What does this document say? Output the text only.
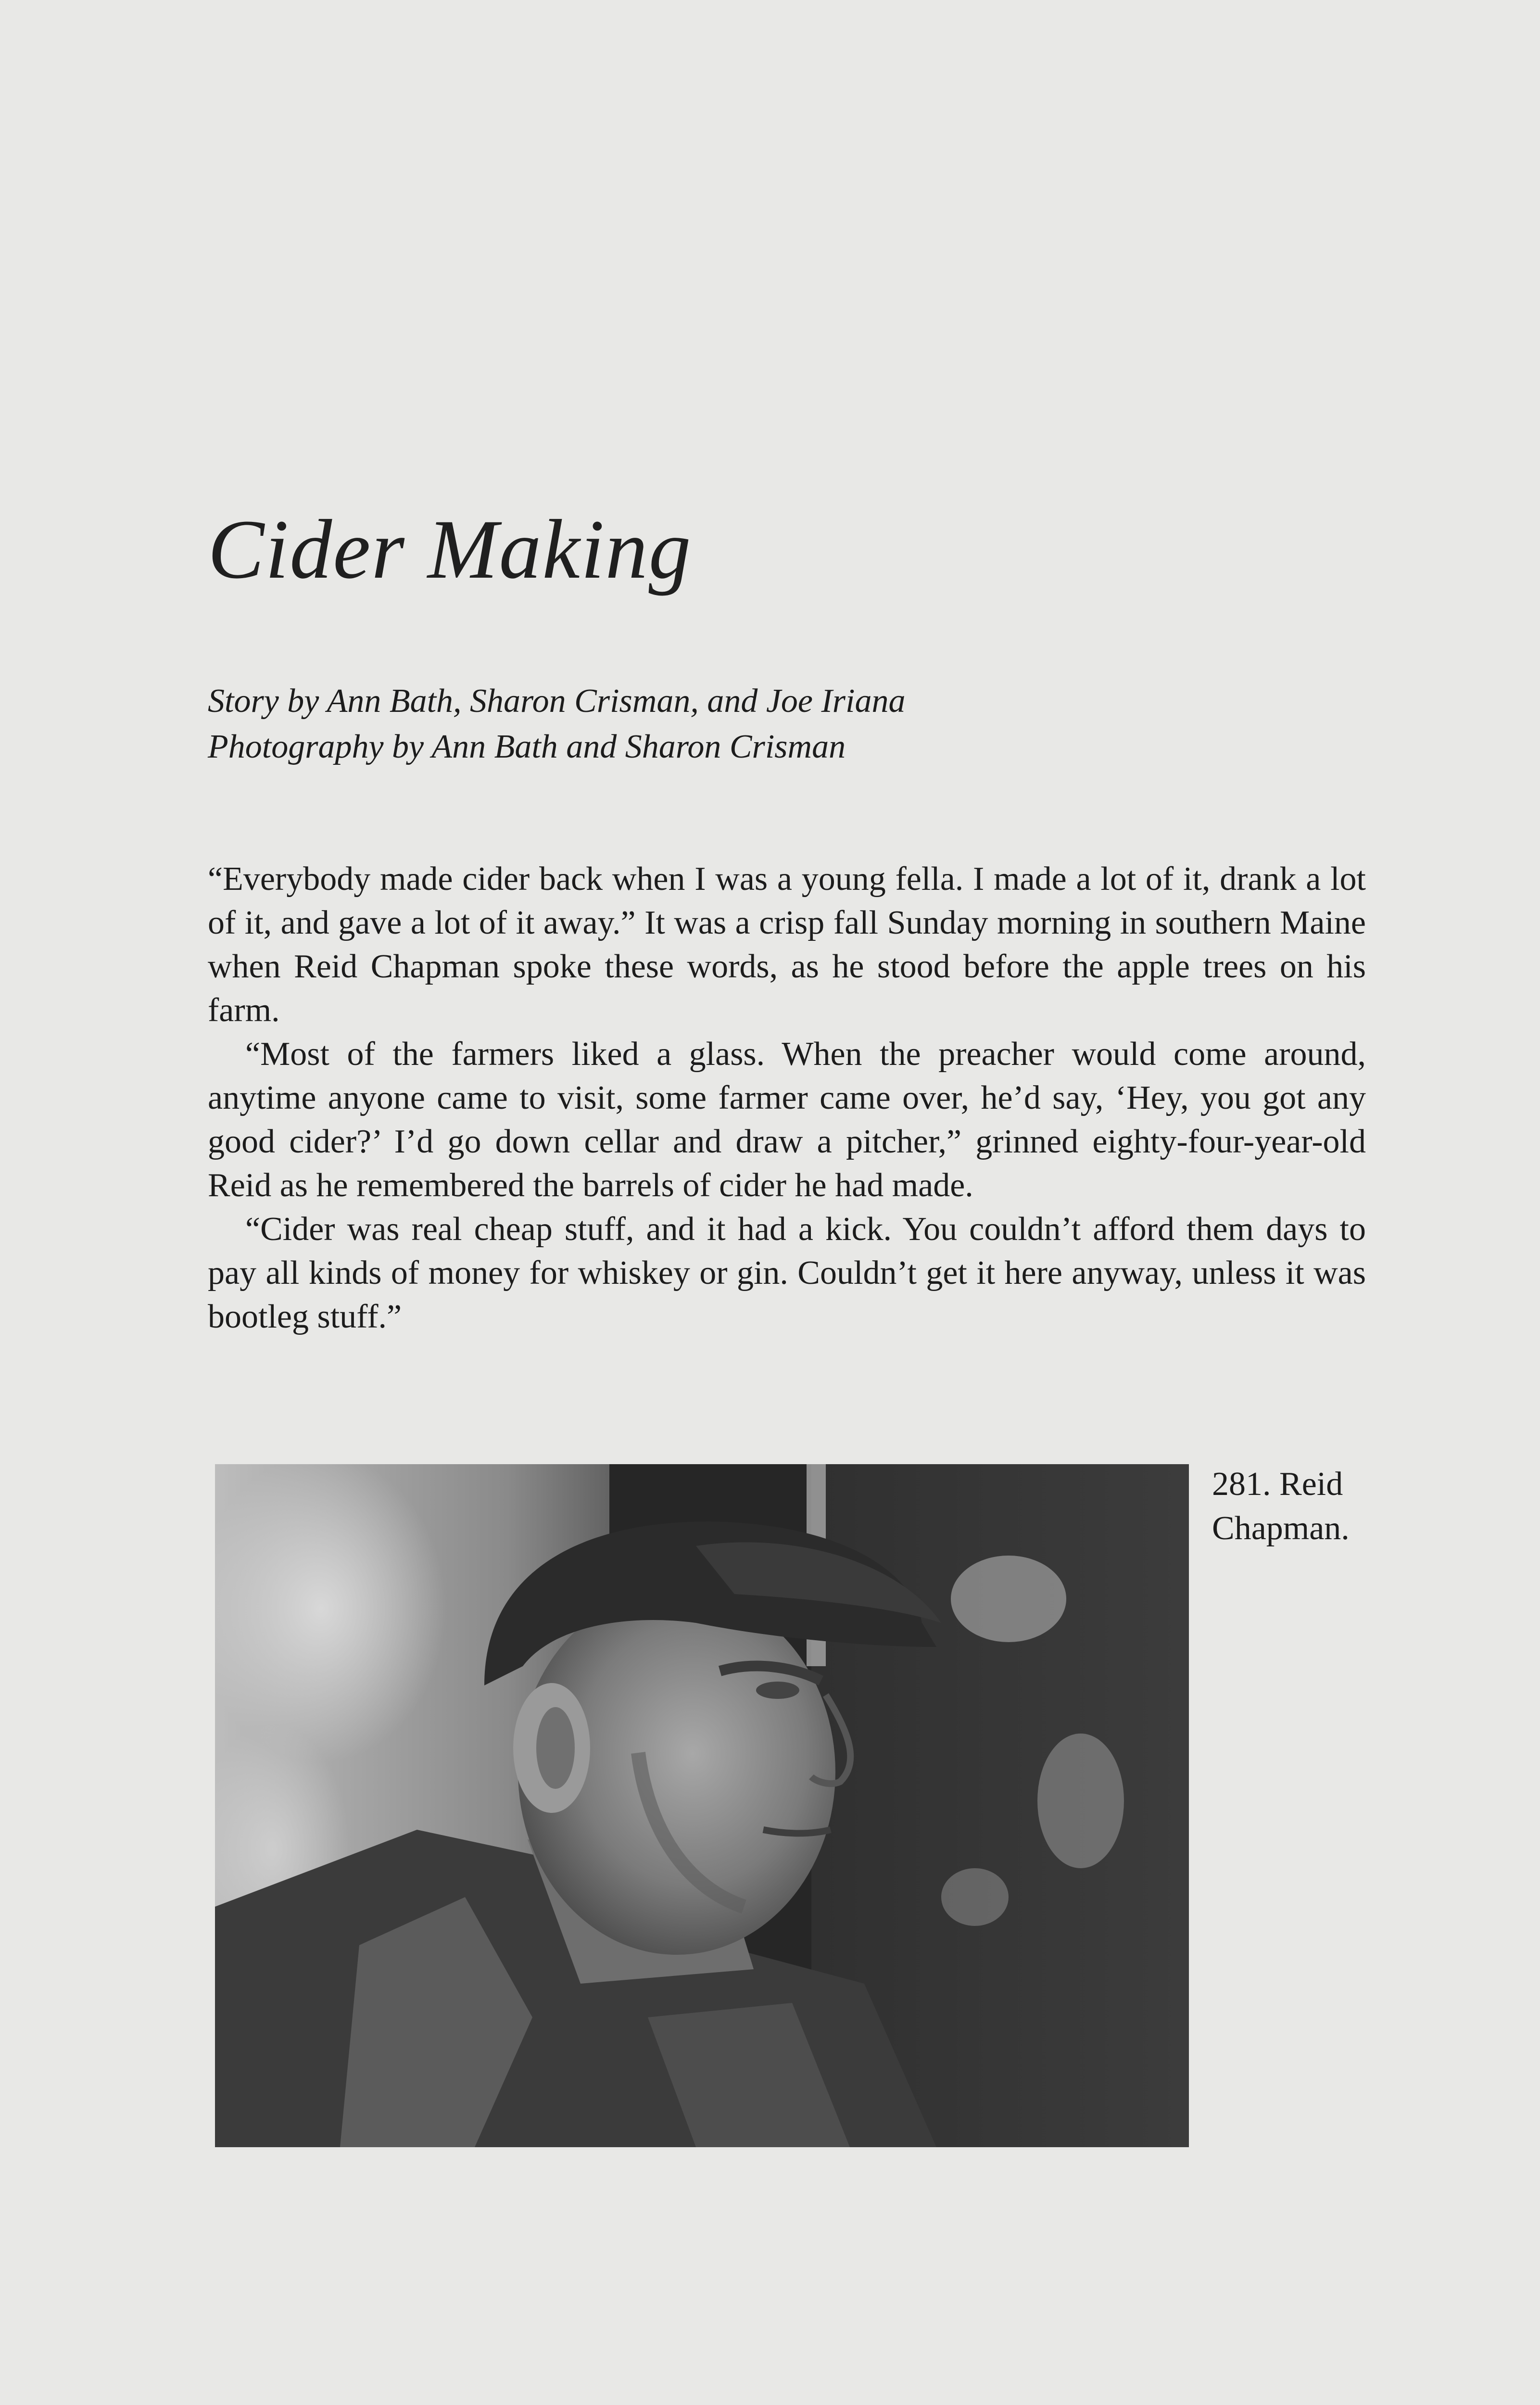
Cider Making
Story by Ann Bath, Sharon Crisman, and Joe Iriana
Photography by Ann Bath and Sharon Crisman

“Everybody made cider back when I was a young fella. I made a lot of it, drank a lot of it, and gave a lot of it away.” It was a crisp fall Sunday morning in southern Maine when Reid Chapman spoke these words, as he stood before the apple trees on his farm.

“Most of the farmers liked a glass. When the preacher would come around, anytime anyone came to visit, some farmer came over, he’d say, ‘Hey, you got any good cider?’ I’d go down cellar and draw a pitcher,” grinned eighty-four-year-old Reid as he remembered the barrels of cider he had made.

“Cider was real cheap stuff, and it had a kick. You couldn’t afford them days to pay all kinds of money for whiskey or gin. Couldn’t get it here anyway, unless it was bootleg stuff.”

281. Reid
Chapman.
